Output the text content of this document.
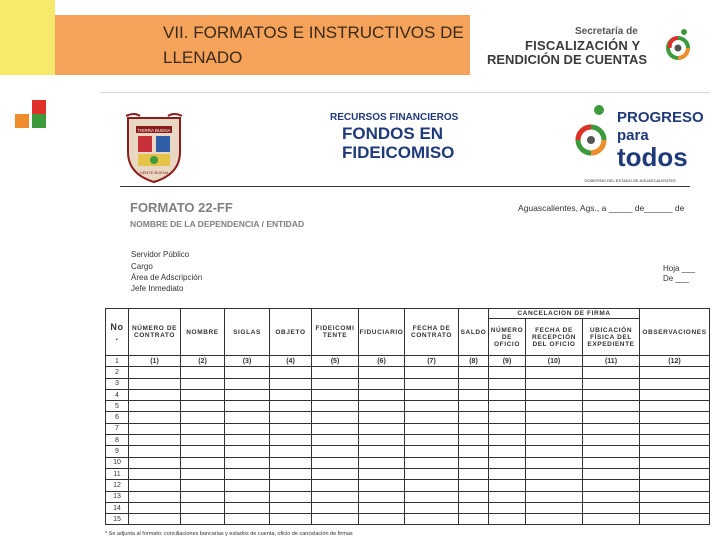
VII. FORMATOS E INSTRUCTIVOS DE LLENADO
Secretaría de
FISCALIZACIÓN Y
RENDICIÓN DE CUENTAS
TIERRA BUENA
GENTE BUENA
RECURSOS FINANCIEROS
FONDOS EN
FIDEICOMISO
PROGRESO
para
todos
GOBIERNO DEL ESTADO DE AGUASCALIENTES
FORMATO 22-FF
NOMBRE DE LA DEPENDENCIA / ENTIDAD
Aguascalientes, Ags., a _____ de______ de
Servidor Público
Cargo
Área de Adscripción
Jefe Inmediato
Hoja ___
De ___
No
.	NÚMERO DE CONTRATO	NOMBRE	SIGLAS	OBJETO	FIDEICOMI TENTE	FIDUCIARIO	FECHA DE CONTRATO	SALDO	CANCELACION DE FIRMA			OBSERVACIONES
									NÚMERO DE OFICIO	FECHA DE RECEPCIÓN DEL OFICIO	UBICACIÓN FÍSICA DEL EXPEDIENTE	
1	(1)	(2)	(3)	(4)	(5)	(6)	(7)	(8)	(9)	(10)	(11)	(12)
2												
3												
4												
5												
6												
7												
8												
9												
10												
11												
12												
13												
14												
15												
* Se adjunta al formato: conciliaciones bancarias y estados de cuenta, oficio de cancelación de firmas
